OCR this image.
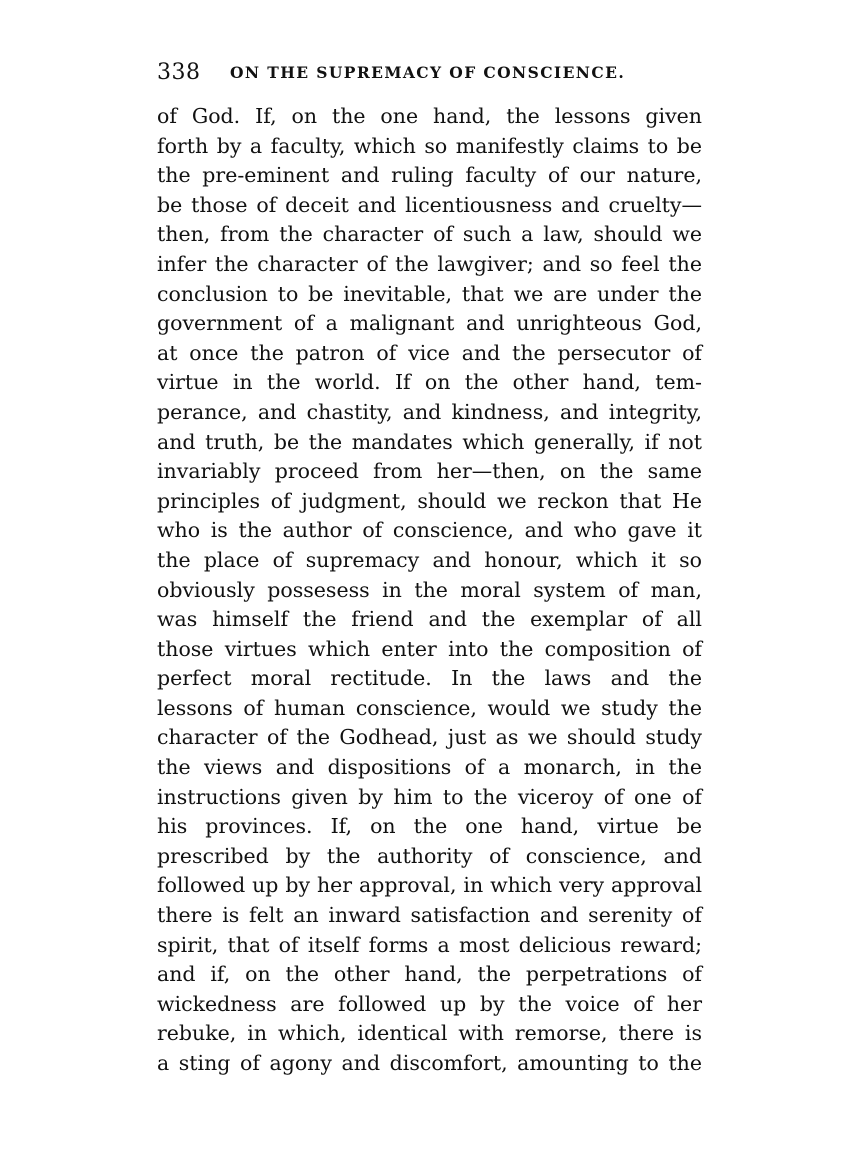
338 ON THE SUPREMACY OF CONSCIENCE.
of God. If, on the one hand, the lessons given
forth by a faculty, which so manifestly claims to be
the pre-eminent and ruling faculty of our nature,
be those of deceit and licentiousness and cruelty—
then, from the character of such a law, should we
infer the character of the lawgiver; and so feel the
conclusion to be inevitable, that we are under the
government of a malignant and unrighteous God,
at once the patron of vice and the persecutor of
virtue in the world. If on the other hand, tem-
perance, and chastity, and kindness, and integrity,
and truth, be the mandates which generally, if not
invariably proceed from her—then, on the same
principles of judgment, should we reckon that He
who is the author of conscience, and who gave it
the place of supremacy and honour, which it so
obviously possesess in the moral system of man,
was himself the friend and the exemplar of all
those virtues which enter into the composition of
perfect moral rectitude. In the laws and the
lessons of human conscience, would we study the
character of the Godhead, just as we should study
the views and dispositions of a monarch, in the
instructions given by him to the viceroy of one of
his provinces. If, on the one hand, virtue be
prescribed by the authority of conscience, and
followed up by her approval, in which very approval
there is felt an inward satisfaction and serenity of
spirit, that of itself forms a most delicious reward;
and if, on the other hand, the perpetrations of
wickedness are followed up by the voice of her
rebuke, in which, identical with remorse, there is
a sting of agony and discomfort, amounting to the
